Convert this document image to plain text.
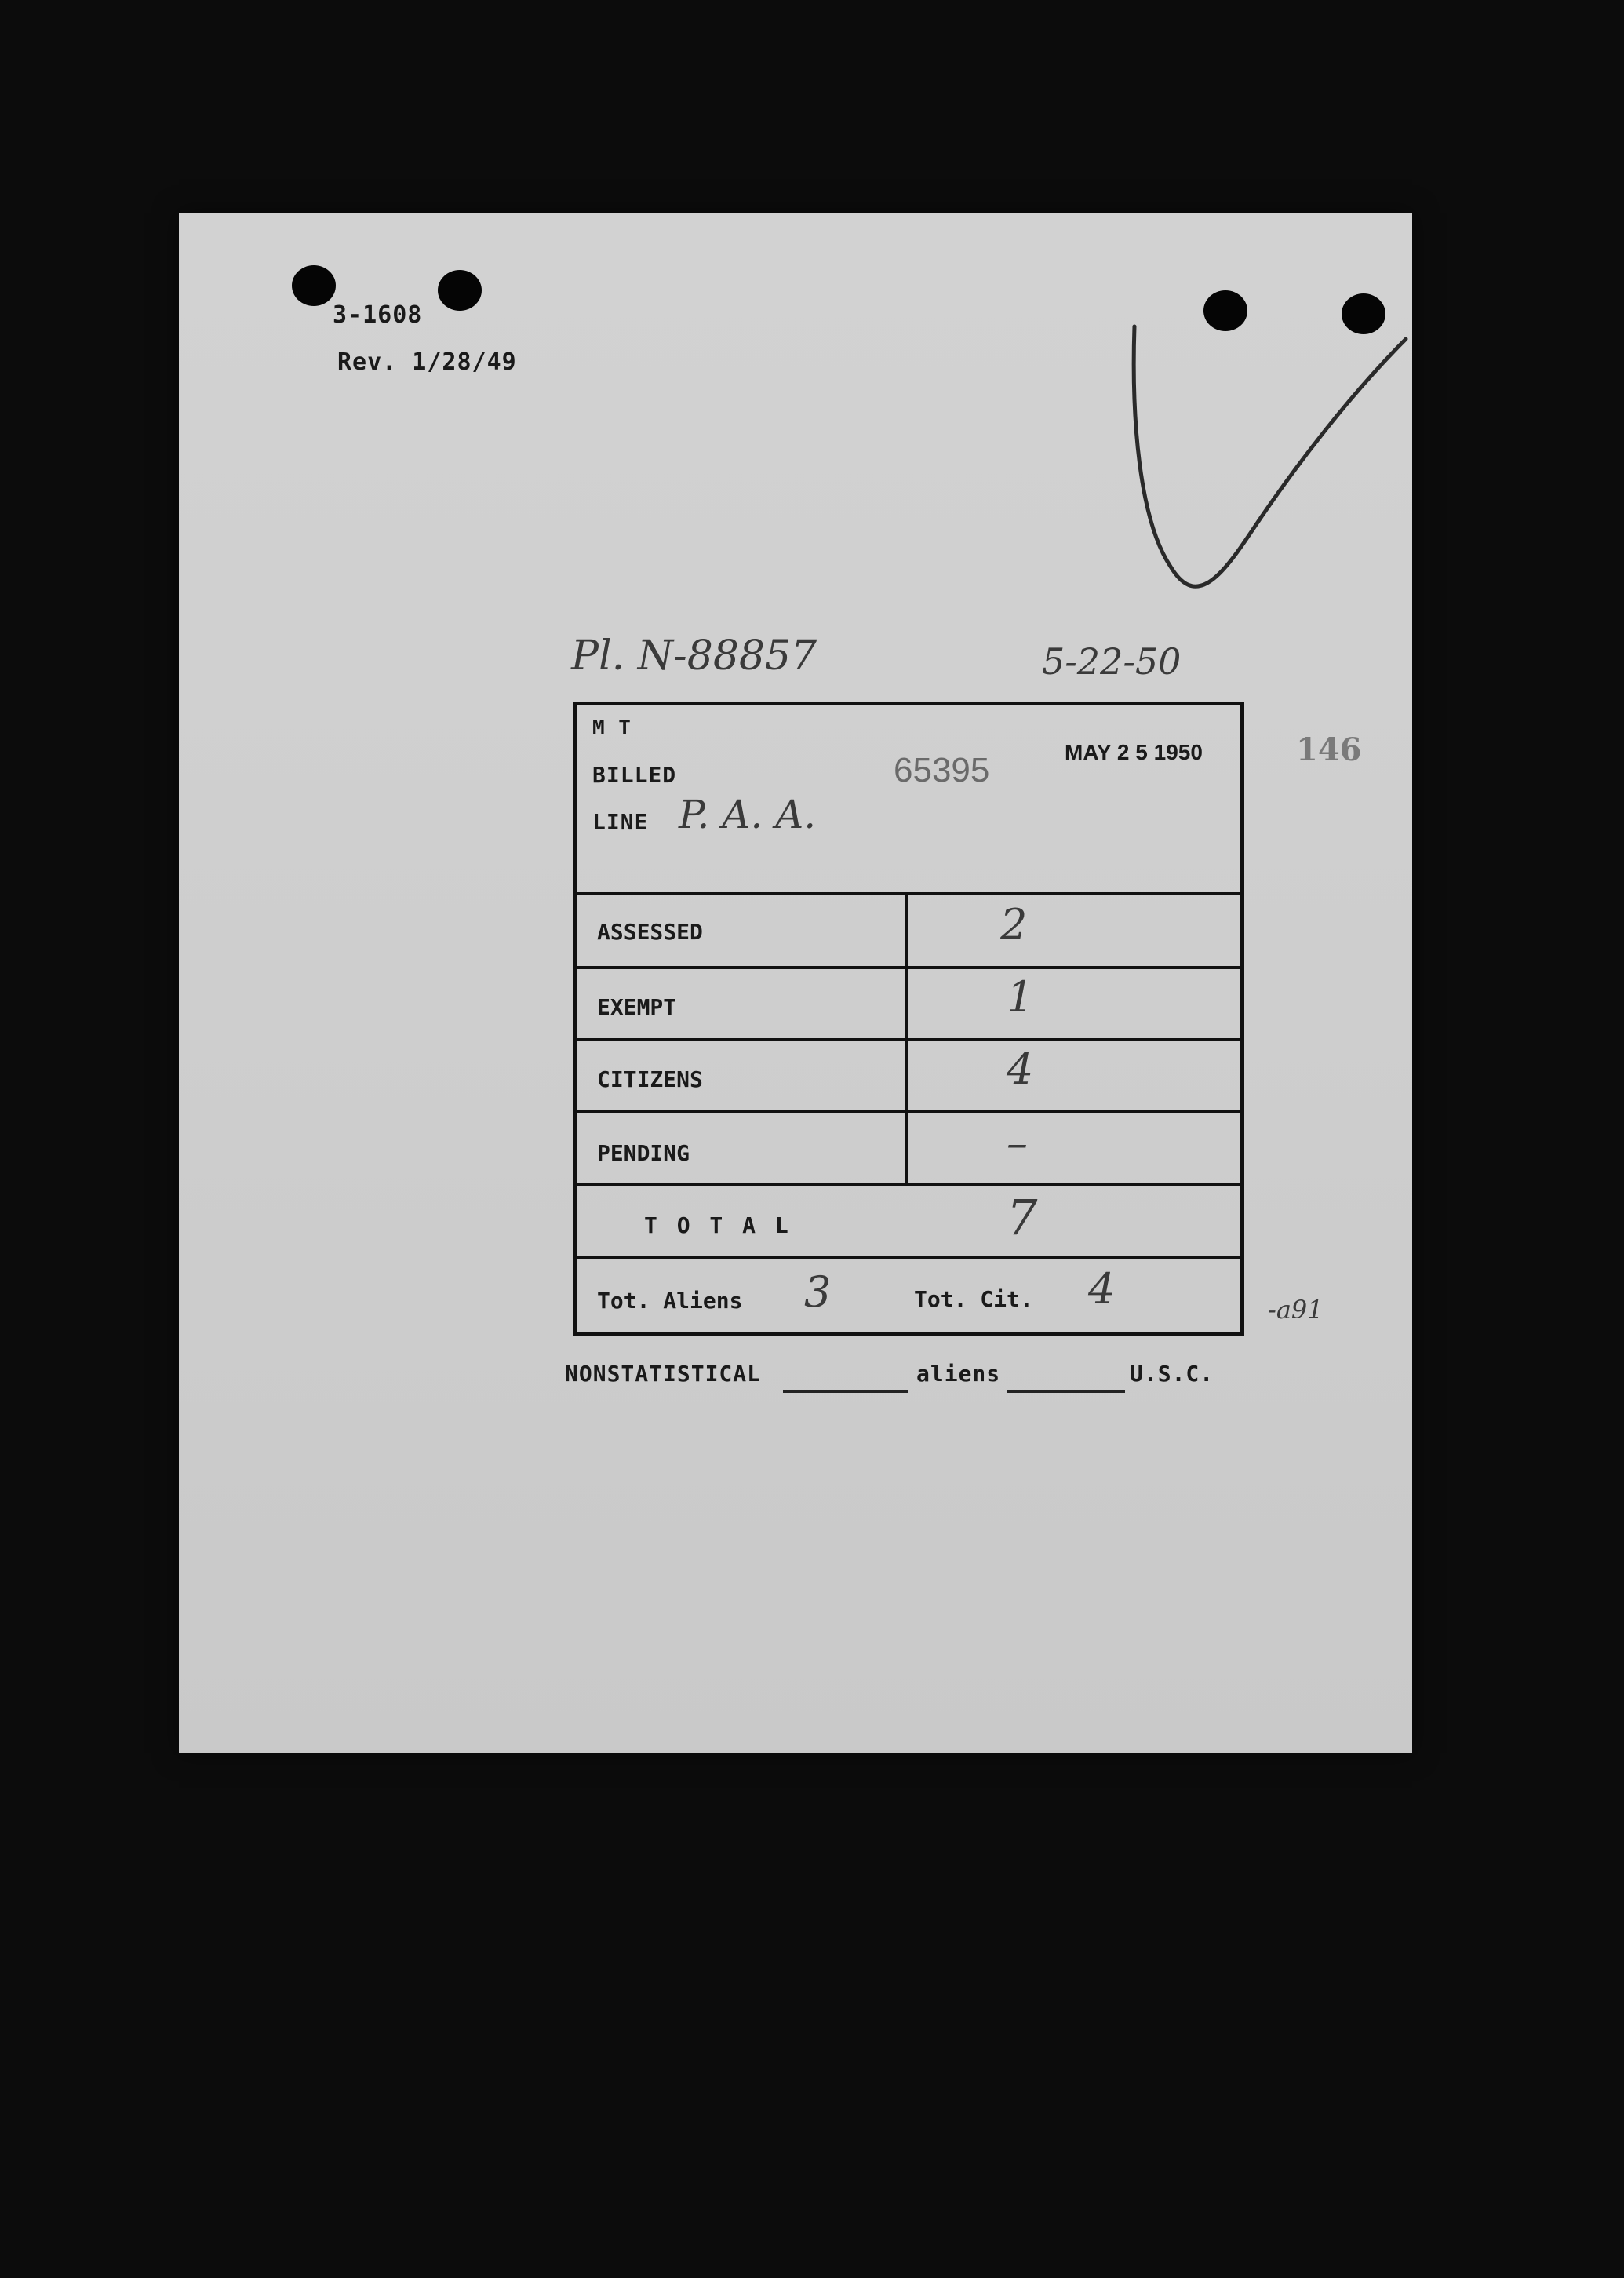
3-1608
Rev. 1/28/49
Pl. N-88857	5-22-50
M T
BILLED
LINE P. A. A.
65395	MAY 2 5 1950
ASSESSED	2
EXEMPT	1
CITIZENS	4
PENDING	–
T O T A L	7
Tot. Aliens 3	Tot. Cit. 4
146
-a91
NONSTATISTICAL	aliens	U.S.C.
